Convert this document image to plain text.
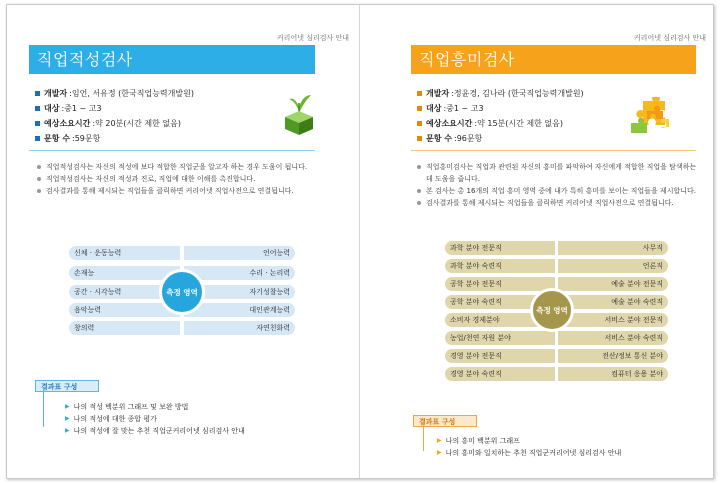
커리어넷 심리검사 안내
직업적성검사
개발자 : 임언, 서유정 (한국직업능력개발원)
대상 : 중1 ~ 고3
예상소요시간 : 약 20분(시간 제한 없음)
문항 수 : 59문항
직업적성검사는 자신의 적성에 보다 적합한 직업군을 알고자 하는 경우 도움이 됩니다.
직업적성검사는 자신의 적성과 진로, 직업에 대한 이해를 촉진합니다.
검사결과를 통해 제시되는 직업들을 클릭하면 커리어넷 직업사전으로 연결됩니다.
신체 · 운동능력
손재능
공간 · 시각능력
음악능력
창의력
언어능력
수리 · 논리력
자기성찰능력
대인관계능력
자연친화력
측정 영역
결과표 구성
▶ 나의 적성 백분위 그래프 및 보완 방법
▶ 나의 적성에 대한 종합 평가
▶ 나의 적성에 잘 맞는 추천 직업군커리어넷 심리검사 안내
커리어넷 심리검사 안내
직업흥미검사
개발자 : 정윤경, 김나라 (한국직업능력개발원)
대상 : 중1 ~ 고3
예상소요시간 : 약 15분(시간 제한 없음)
문항 수 : 96문항
직업흥미검사는 직업과 관련된 자신의 흥미를 파악하여 자신에게 적합한 직업을 탐색하는 데 도움을 줍니다.
본 검사는 총 16개의 직업 흥미 영역 중에 내가 특히 흥미를 보이는 직업들을 제시합니다.
검사결과를 통해 제시되는 직업들을 클릭하면 커리어넷 직업사전으로 연결됩니다.
과학 분야 전문직
과학 분야 숙련직
공학 분야 전문직
공학 분야 숙련직
소비자 경제분야
농업/천연 자원 분야
경영 분야 전문직
경영 분야 숙련직
사무직
언론직
예술 분야 전문직
예술 분야 숙련직
서비스 분야 전문직
서비스 분야 숙련직
전산/정보 통신 분야
컴퓨터 응용 분야
측정 영역
결과표 구성
▶ 나의 흥미 백분위 그래프
▶ 나의 흥미와 일치하는 추천 직업군커리어넷 심리검사 안내
